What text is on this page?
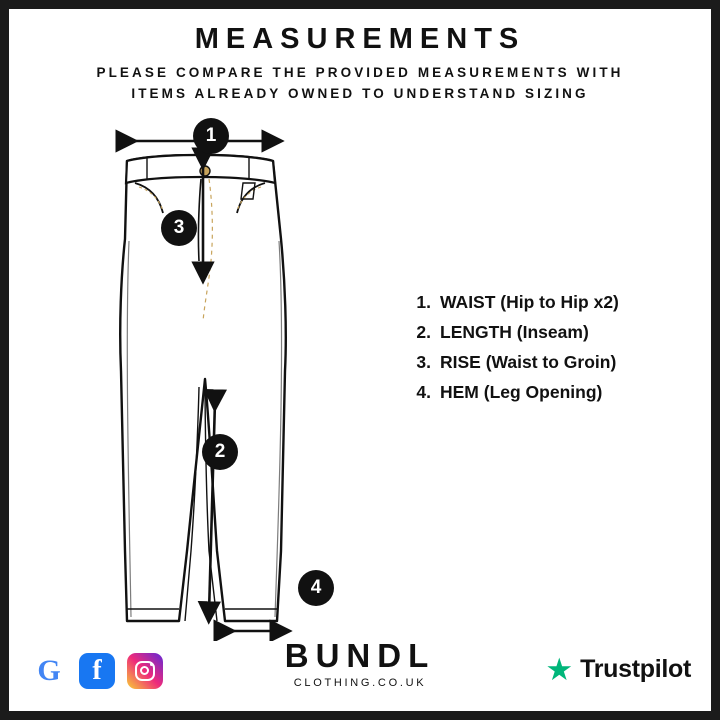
MEASUREMENTS
PLEASE COMPARE THE PROVIDED MEASUREMENTS WITH
ITEMS ALREADY OWNED TO UNDERSTAND SIZING
1
3
2
4
1. WAIST (Hip to Hip x2)
2. LENGTH (Inseam)
3. RISE (Waist to Groin)
4. HEM (Leg Opening)
G	f	BUNDL
CLOTHING.CO.UK	★ Trustpilot
